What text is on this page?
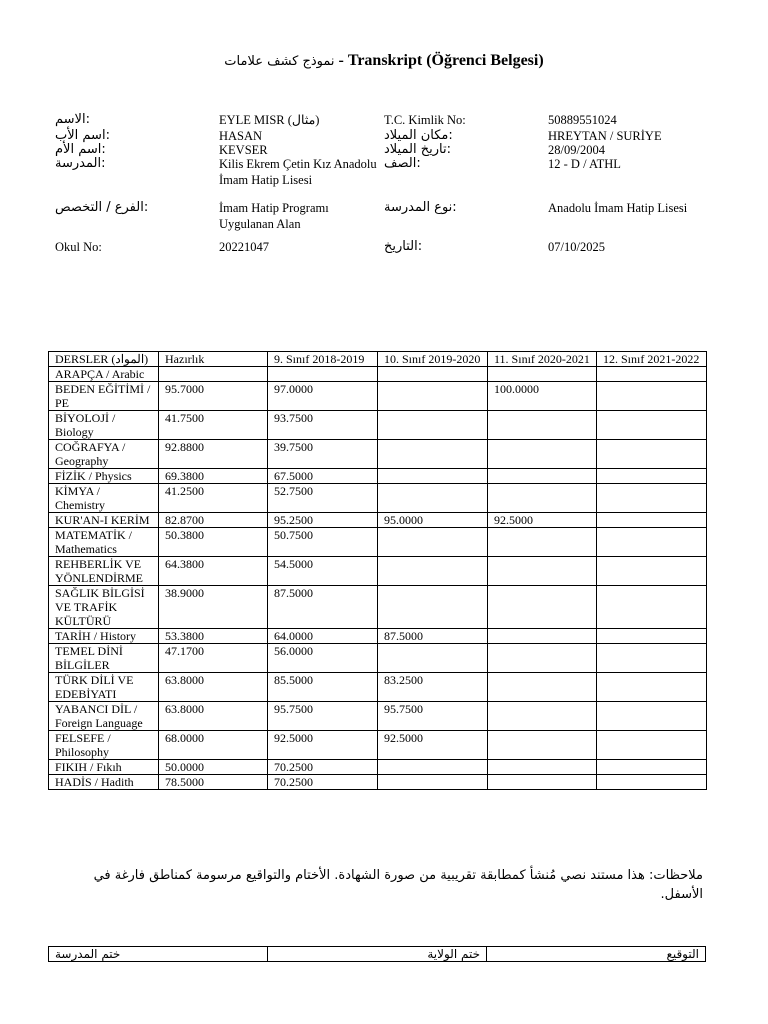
نموذج كشف علامات - Transkript (Öğrenci Belgesi)
الاسم:	EYLE MISR (مثال)	T.C. Kimlik No:	50889551024
اسم الأب:	HASAN	مكان الميلاد:	HREYTAN / SURİYE
اسم الأم:	KEVSER	تاريخ الميلاد:	28/09/2004
المدرسة:	Kilis Ekrem Çetin Kız Anadolu İmam Hatip Lisesi
الصف:	12 - D / ATHL
الفرع / التخصص:	İmam Hatip Programı Uygulanan Alan
نوع المدرسة:	Anadolu İmam Hatip Lisesi
Okul No:	20221047	التاريخ:	07/10/2025
DERSLER (المواد)	Hazırlık	9. Sınıf 2018-2019	10. Sınıf 2019-2020	11. Sınıf 2020-2021	12. Sınıf 2021-2022
ARAPÇA / Arabic					
BEDEN EĞİTİMİ / PE	95.7000	97.0000		100.0000	
BİYOLOJİ / Biology	41.7500	93.7500			
COĞRAFYA / Geography	92.8800	39.7500			
FİZİK / Physics	69.3800	67.5000			
KİMYA / Chemistry	41.2500	52.7500			
KUR'AN-I KERİM	82.8700	95.2500	95.0000	92.5000	
MATEMATİK / Mathematics	50.3800	50.7500			
REHBERLİK VE YÖNLENDİRME	64.3800	54.5000			
SAĞLIK BİLGİSİ VE TRAFİK KÜLTÜRÜ	38.9000	87.5000			
TARİH / History	53.3800	64.0000	87.5000		
TEMEL DİNİ BİLGİLER	47.1700	56.0000			
TÜRK DİLİ VE EDEBİYATI	63.8000	85.5000	83.2500		
YABANCI DİL / Foreign Language	63.8000	95.7500	95.7500		
FELSEFE / Philosophy	68.0000	92.5000	92.5000		
FIKIH / Fıkıh	50.0000	70.2500			
HADİS / Hadith	78.5000	70.2500			
ملاحظات: هذا مستند نصي مُنشأ كمطابقة تقريبية من صورة الشهادة. الأختام والتواقيع مرسومة كمناطق فارغة في الأسفل.
ختم المدرسة	ختم الولاية	التوقيع
